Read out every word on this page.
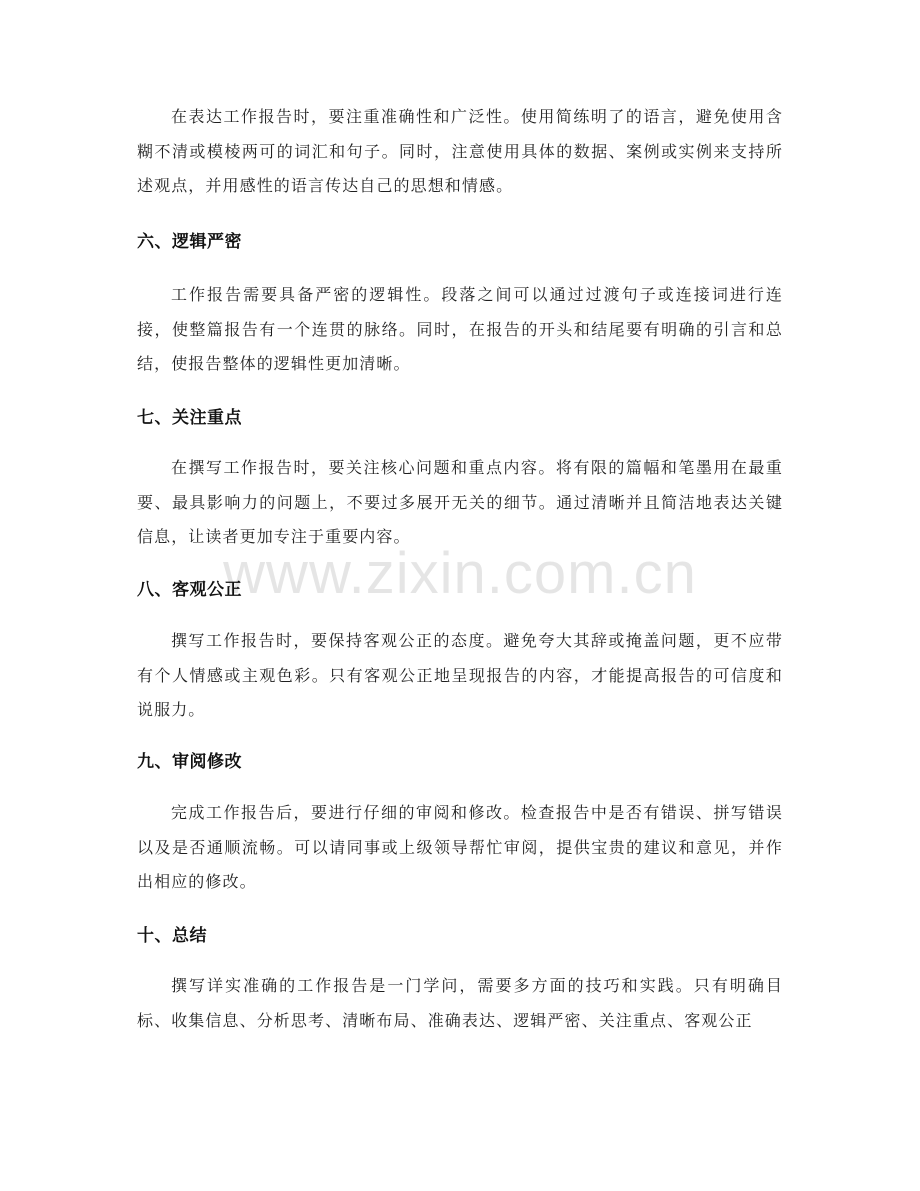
在表达工作报告时，要注重准确性和广泛性。使用简练明了的语言，避免使用含糊不清或模棱两可的词汇和句子。同时，注意使用具体的数据、案例或实例来支持所述观点，并用感性的语言传达自己的思想和情感。

六、逻辑严密

工作报告需要具备严密的逻辑性。段落之间可以通过过渡句子或连接词进行连接，使整篇报告有一个连贯的脉络。同时，在报告的开头和结尾要有明确的引言和总结，使报告整体的逻辑性更加清晰。

七、关注重点

在撰写工作报告时，要关注核心问题和重点内容。将有限的篇幅和笔墨用在最重要、最具影响力的问题上，不要过多展开无关的细节。通过清晰并且简洁地表达关键信息，让读者更加专注于重要内容。

八、客观公正

撰写工作报告时，要保持客观公正的态度。避免夸大其辞或掩盖问题，更不应带有个人情感或主观色彩。只有客观公正地呈现报告的内容，才能提高报告的可信度和说服力。

九、审阅修改

完成工作报告后，要进行仔细的审阅和修改。检查报告中是否有错误、拼写错误以及是否通顺流畅。可以请同事或上级领导帮忙审阅，提供宝贵的建议和意见，并作出相应的修改。

十、总结

撰写详实准确的工作报告是一门学问，需要多方面的技巧和实践。只有明确目标、收集信息、分析思考、清晰布局、准确表达、逻辑严密、关注重点、客观公正

www.zixin.com.cn
